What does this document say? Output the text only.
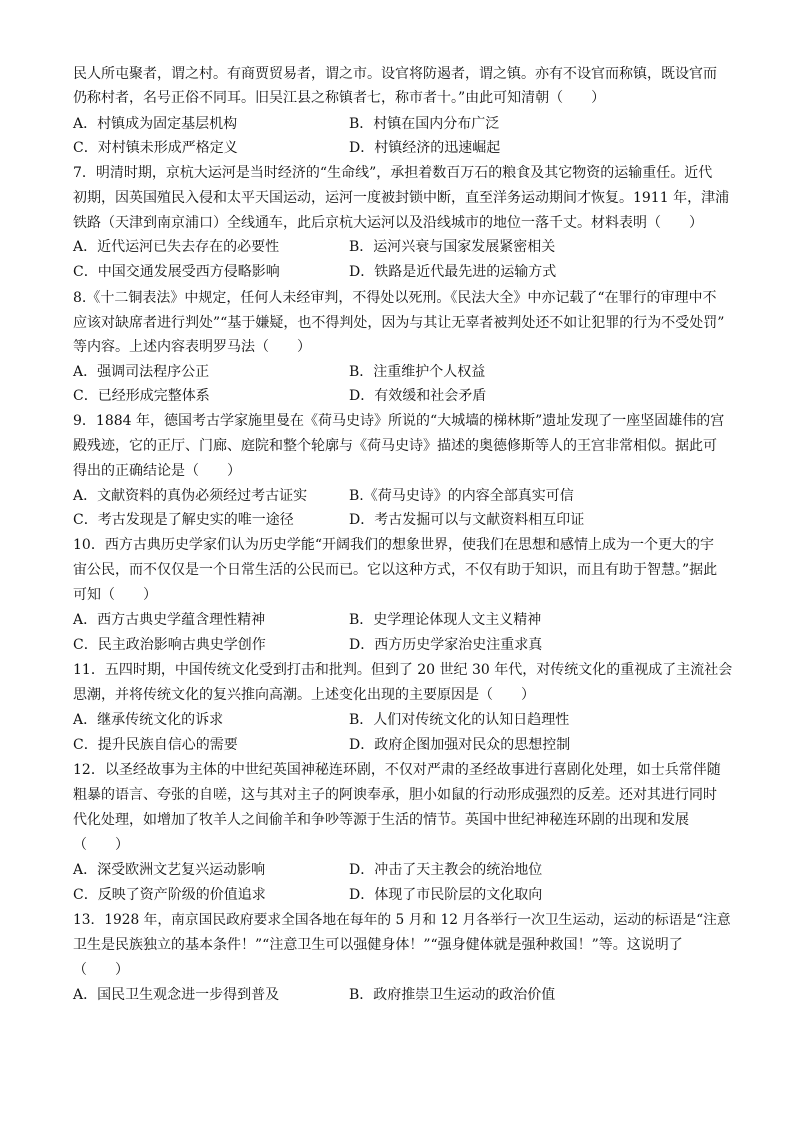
民人所屯聚者，谓之村。有商贾贸易者，谓之市。设官将防遏者，谓之镇。亦有不设官而称镇，既设官而
仍称村者，名号正俗不同耳。旧吴江县之称镇者七，称市者十。”由此可知清朝（　　）
A．村镇成为固定基层机构	B．村镇在国内分布广泛
C．对村镇未形成严格定义	D．村镇经济的迅速崛起
7．明清时期，京杭大运河是当时经济的“生命线”，承担着数百万石的粮食及其它物资的运输重任。近代
初期，因英国殖民入侵和太平天国运动，运河一度被封锁中断，直至洋务运动期间才恢复。1911 年，津浦
铁路（天津到南京浦口）全线通车，此后京杭大运河以及沿线城市的地位一落千丈。材料表明（　　）
A．近代运河已失去存在的必要性	B．运河兴衰与国家发展紧密相关
C．中国交通发展受西方侵略影响	D．铁路是近代最先进的运输方式
8.《十二铜表法》中规定，任何人未经审判，不得处以死刑。《民法大全》中亦记载了“在罪行的审理中不
应该对缺席者进行判处”“基于嫌疑，也不得判处，因为与其让无辜者被判处还不如让犯罪的行为不受处罚”
等内容。上述内容表明罗马法（　　）
A．强调司法程序公正	B．注重维护个人权益
C．已经形成完整体系	D．有效缓和社会矛盾
9．1884 年，德国考古学家施里曼在《荷马史诗》所说的“大城墙的梯林斯”遗址发现了一座坚固雄伟的宫
殿残迹，它的正厅、门廊、庭院和整个轮廓与《荷马史诗》描述的奥德修斯等人的王宫非常相似。据此可
得出的正确结论是（　　）
A．文献资料的真伪必须经过考古证实	B.《荷马史诗》的内容全部真实可信
C．考古发现是了解史实的唯一途径	D．考古发掘可以与文献资料相互印证
10．西方古典历史学家们认为历史学能“开阔我们的想象世界，使我们在思想和感情上成为一个更大的宇
宙公民，而不仅仅是一个日常生活的公民而已。它以这种方式，不仅有助于知识，而且有助于智慧。”据此
可知（　　）
A．西方古典史学蕴含理性精神	B．史学理论体现人文主义精神
C．民主政治影响古典史学创作	D．西方历史学家治史注重求真
11．五四时期，中国传统文化受到打击和批判。但到了 20 世纪 30 年代，对传统文化的重视成了主流社会
思潮，并将传统文化的复兴推向高潮。上述变化出现的主要原因是（　　）
A．继承传统文化的诉求	B．人们对传统文化的认知日趋理性
C．提升民族自信心的需要	D．政府企图加强对民众的思想控制
12．以圣经故事为主体的中世纪英国神秘连环剧，不仅对严肃的圣经故事进行喜剧化处理，如士兵常伴随
粗暴的语言、夸张的自嗟，这与其对主子的阿谀奉承，胆小如鼠的行动形成强烈的反差。还对其进行同时
代化处理，如增加了牧羊人之间偷羊和争吵等源于生活的情节。英国中世纪神秘连环剧的出现和发展
（　　）
A．深受欧洲文艺复兴运动影响	D．冲击了天主教会的统治地位
C．反映了资产阶级的价值追求	D．体现了市民阶层的文化取向
13．1928 年，南京国民政府要求全国各地在每年的 5 月和 12 月各举行一次卫生运动，运动的标语是“注意
卫生是民族独立的基本条件！”“注意卫生可以强健身体！”“强身健体就是强种救国！”等。这说明了
（　　）
A．国民卫生观念进一步得到普及	B．政府推崇卫生运动的政治价值
